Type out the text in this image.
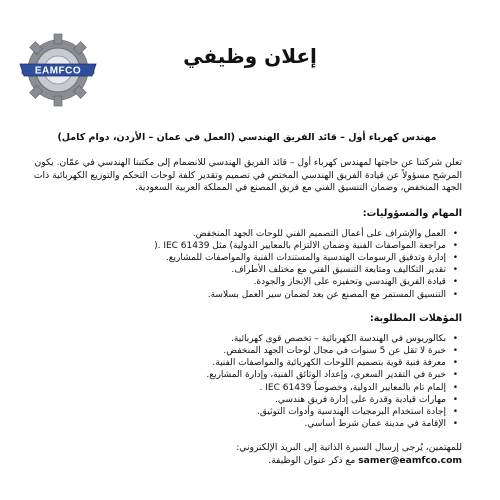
EAMFCO
إعلان وظيفي
مهندس كهرباء أول – قائد الفريق الهندسي (العمل في عمان – الأردن، دوام كامل)

تعلن شركتنا عن حاجتها لمهندس كهرباء أول – قائد الفريق الهندسي للانضمام إلى مكتبنا الهندسي في عمّان. يكون المرشح مسؤولاً عن قيادة الفريق الهندسي المختص في تصميم وتقدير كلفة لوحات التحكم والتوزيع الكهربائية ذات الجهد المنخفض، وضمان التنسيق الفني مع فريق المصنع في المملكة العربية السعودية.

المهام والمسؤوليات:
•
العمل والإشراف على أعمال التصميم الفني للوحات الجهد المنخفض.
•
مراجعة المواصفات الفنية وضمان الالتزام بالمعايير الدولية) مثل IEC 61439 .(
•
إدارة وتدقيق الرسومات الهندسية والمستندات الفنية والمواصفات للمشاريع.
•
تقدير التكاليف ومتابعة التنسيق الفني مع مختلف الأطراف.
•
قيادة الفريق الهندسي وتحفيزه على الإنجاز والجودة.
•
التنسيق المستمر مع المصنع عن بعد لضمان سير العمل بسلاسة.
المؤهلات المطلوبة:
•
بكالوريوس في الهندسة الكهربائية – تخصص قوى كهربائية.
•
خبرة لا تقل عن 5 سنوات في مجال لوحات الجهد المنخفض.
•
معرفة فنية قوية بتصميم اللوحات الكهربائية والمواصفات الفنية.
•
خبرة في التقدير السعري، وإعداد الوثائق الفنية، وإدارة المشاريع.
•
إلمام تام بالمعايير الدولية، وخصوصاً IEC 61439 .
•
مهارات قيادية وقدرة على إدارة فريق هندسي.
•
إجادة استخدام البرمجيات الهندسية وأدوات التوثيق.
•
الإقامة في مدينة عمان شرط أساسي.
للمهتمين، يُرجى إرسال السيرة الذاتية إلى البريد الإلكتروني:
samer@eamfco.com مع ذكر عنوان الوظيفة.
